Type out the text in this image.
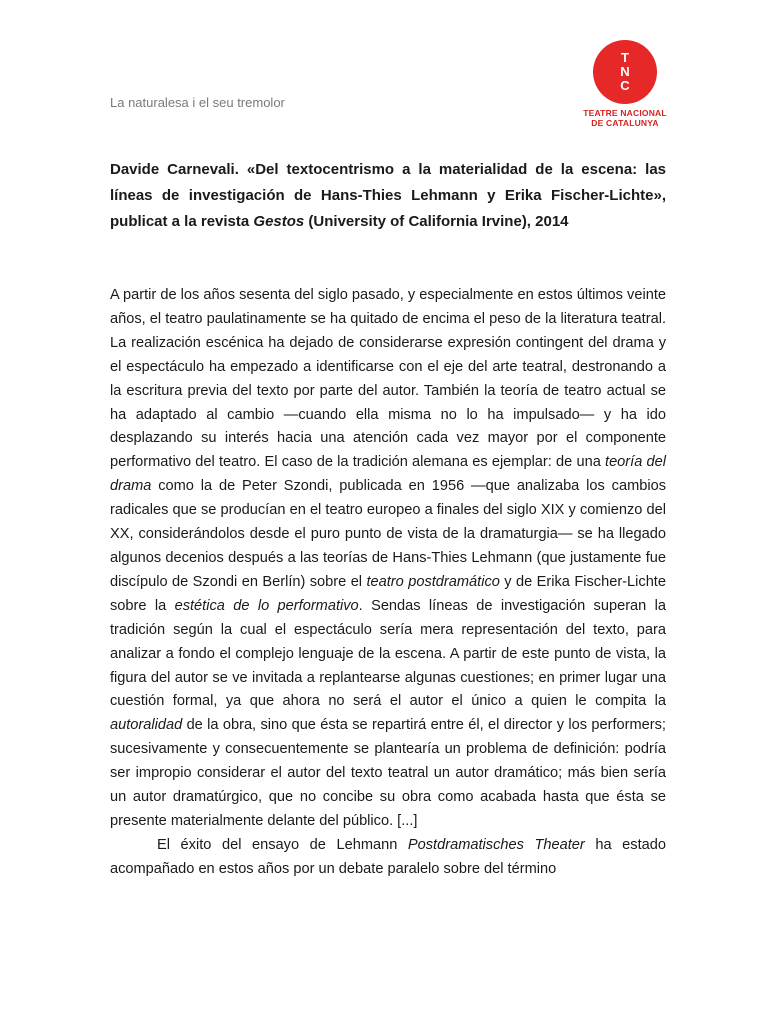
La naturalesa i el seu tremolor
T
N
C
TEATRE NACIONAL
DE CATALUNYA
Davide Carnevali. «Del textocentrismo a la materialidad de la escena: las líneas de investigación de Hans-Thies Lehmann y Erika Fischer-Lichte», publicat a la revista Gestos (University of California Irvine), 2014

A partir de los años sesenta del siglo pasado, y especialmente en estos últimos veinte años, el teatro paulatinamente se ha quitado de encima el peso de la literatura teatral. La realización escénica ha dejado de considerarse expresión contingent del drama y el espectáculo ha empezado a identificarse con el eje del arte teatral, destronando a la escritura previa del texto por parte del autor. También la teoría de teatro actual se ha adaptado al cambio —cuando ella misma no lo ha impulsado— y ha ido desplazando su interés hacia una atención cada vez mayor por el componente performativo del teatro. El caso de la tradición alemana es ejemplar: de una teoría del drama como la de Peter Szondi, publicada en 1956 —que analizaba los cambios radicales que se producían en el teatro europeo a finales del siglo XIX y comienzo del XX, considerándolos desde el puro punto de vista de la dramaturgia— se ha llegado algunos decenios después a las teorías de Hans-Thies Lehmann (que justamente fue discípulo de Szondi en Berlín) sobre el teatro postdramático y de Erika Fischer-Lichte sobre la estética de lo performativo. Sendas líneas de investigación superan la tradición según la cual el espectáculo sería mera representación del texto, para analizar a fondo el complejo lenguaje de la escena. A partir de este punto de vista, la figura del autor se ve invitada a replantearse algunas cuestiones; en primer lugar una cuestión formal, ya que ahora no será el autor el único a quien le compita la autoralidad de la obra, sino que ésta se repartirá entre él, el director y los performers; sucesivamente y consecuentemente se plantearía un problema de definición: podría ser impropio considerar el autor del texto teatral un autor dramático; más bien sería un autor dramatúrgico, que no concibe su obra como acabada hasta que ésta se presente materialmente delante del público. [...]

El éxito del ensayo de Lehmann Postdramatisches Theater ha estado acompañado en estos años por un debate paralelo sobre del término
